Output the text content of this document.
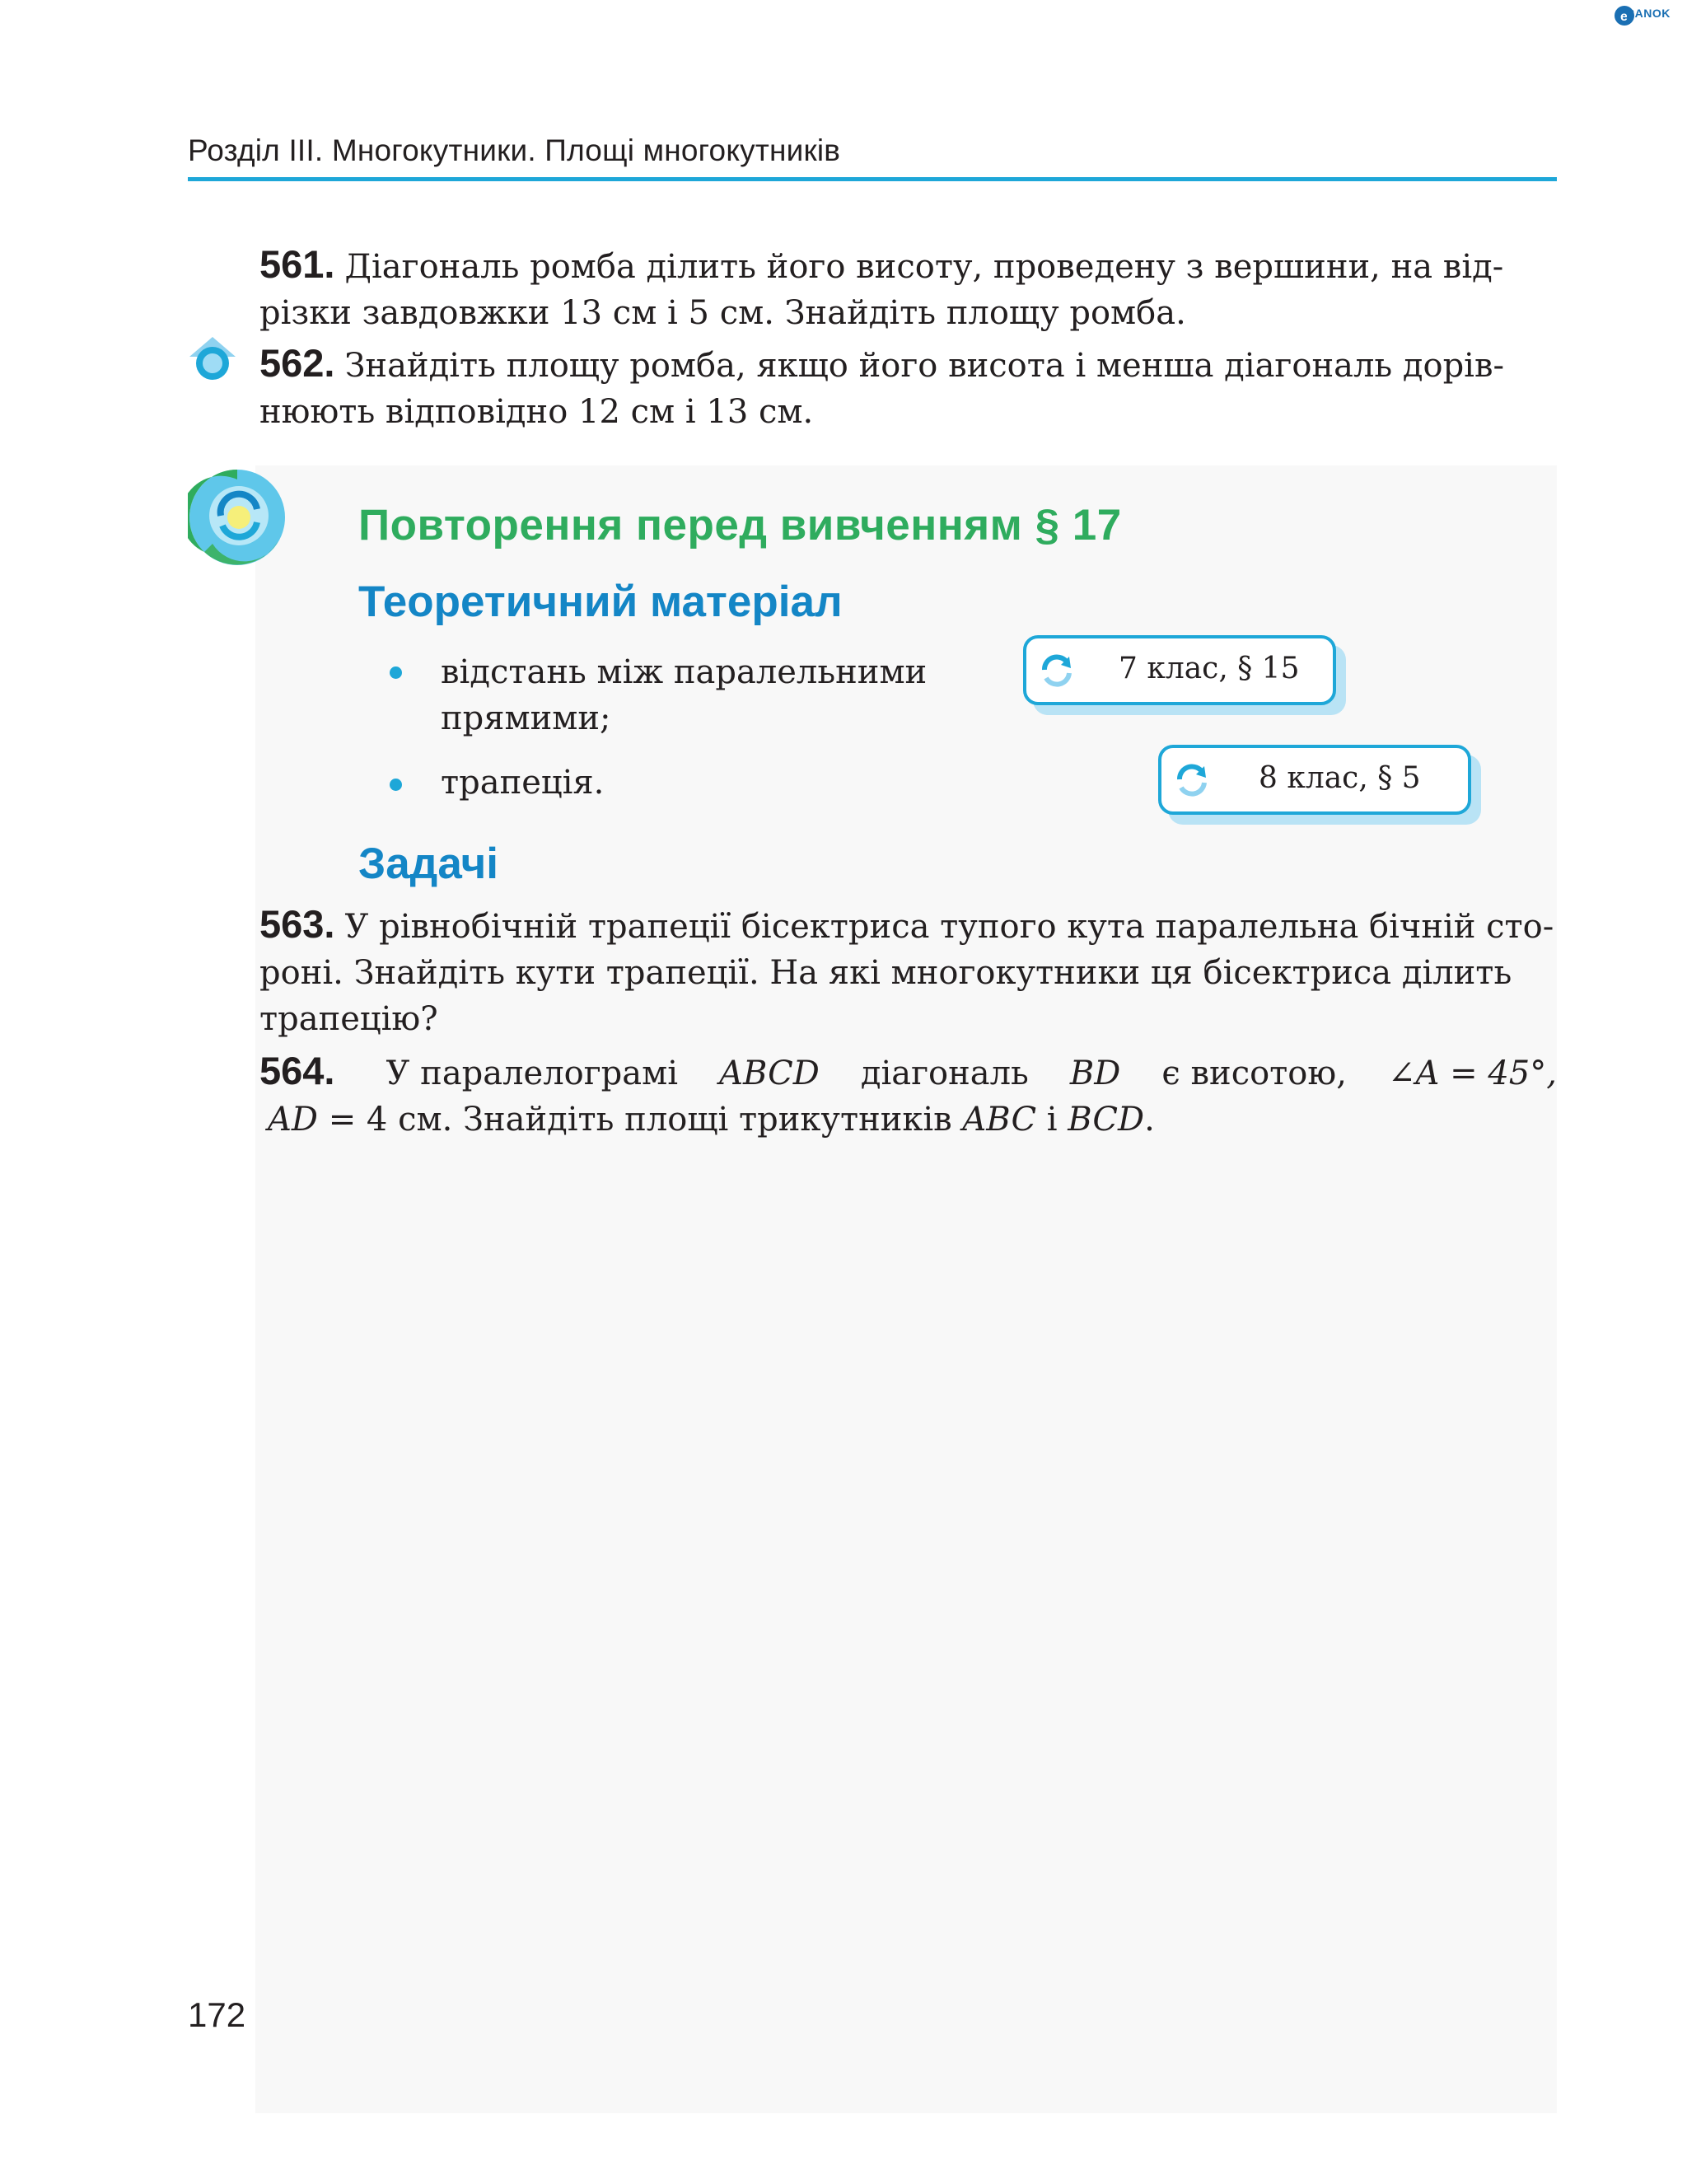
e
RANOK
Розділ III. Многокутники. Площі многокутників
561. Діагональ ромба ділить його висоту, проведену з вершини, на від-
різки завдовжки 13 см і 5 см. Знайдіть площу ромба.
562. Знайдіть площу ромба, якщо його висота і менша діагональ дорів-
нюють відповідно 12 см і 13 см.
Повторення перед вивченням § 17
Теоретичний матеріал
відстань між паралельними
прямими;
7 клас, § 15
трапеція.	8 клас, § 5
Задачі
563. У рівнобічній трапеції бісектриса тупого кута паралельна бічній сто-
роні. Знайдіть кути трапеції. На які многокутники ця бісектриса ділить
трапецію?
564. У паралелограмі ABCD діагональ BD є висотою, ∠A = 45°,
AD = 4 см. Знайдіть площі трикутників ABC і BCD.
172
